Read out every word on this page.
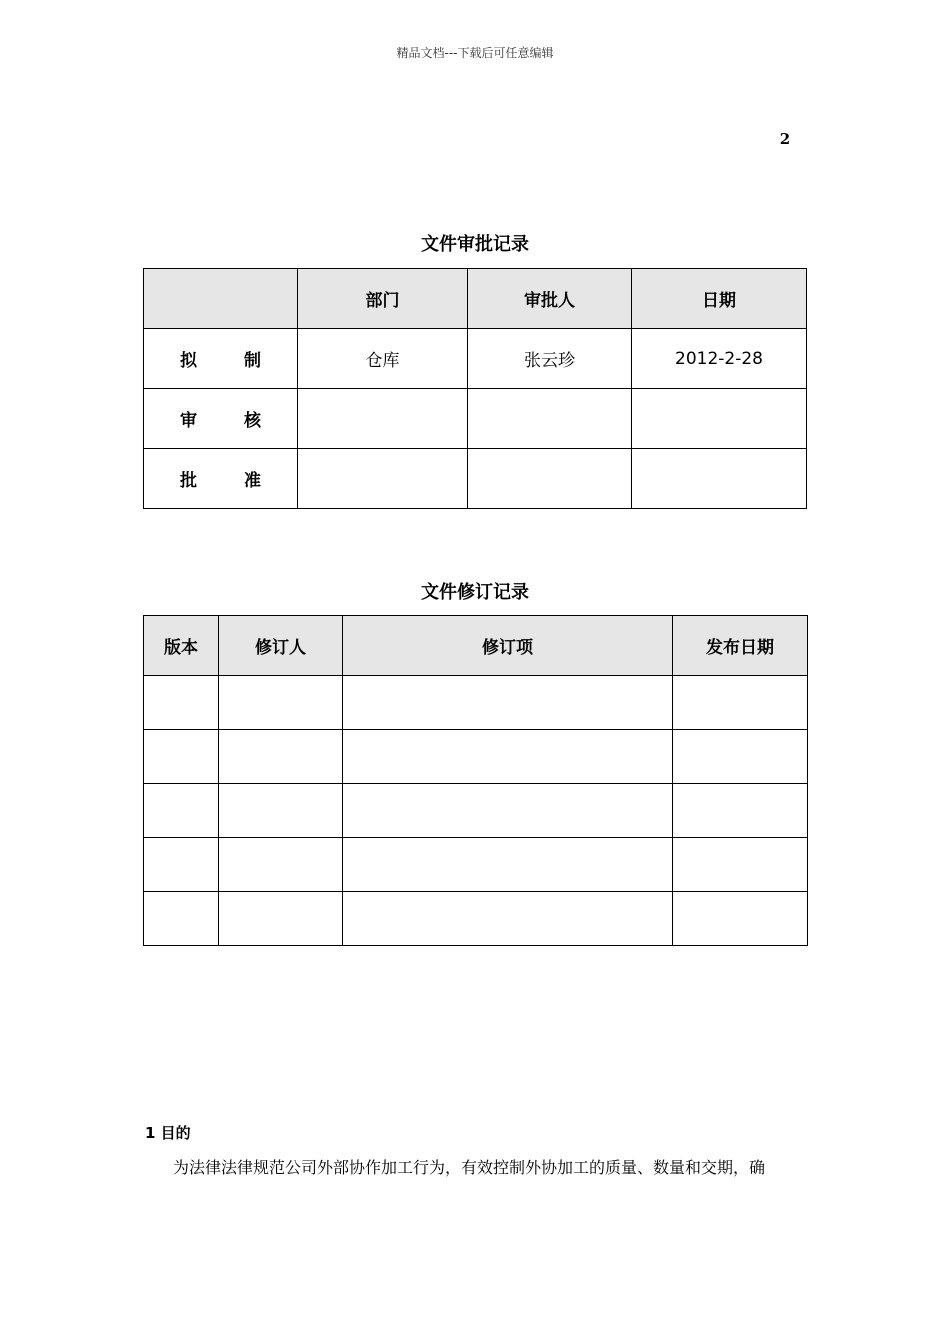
精品文档---下载后可任意编辑
2
文件审批记录
	部门	审批人	日期

拟 制	仓库	张云珍	2012-2-28

审 核			

批 准			

文件修订记录
版本	修订人	修订项	发布日期

1 目的
为法律法律规范公司外部协作加工行为，有效控制外协加工的质量、数量和交期，确
